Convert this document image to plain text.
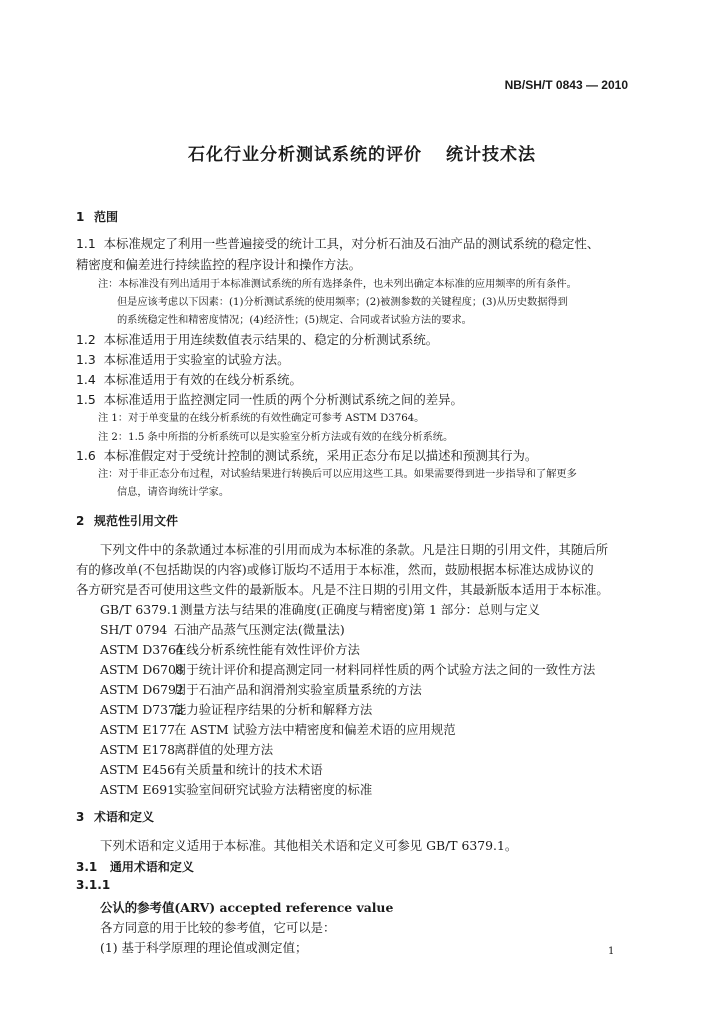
NB/SH/T 0843 — 2010
石化行业分析测试系统的评价 统计技术法
1 范围
1.1 本标准规定了利用一些普遍接受的统计工具，对分析石油及石油产品的测试系统的稳定性、
精密度和偏差进行持续监控的程序设计和操作方法。
注：本标准没有列出适用于本标准测试系统的所有选择条件，也未列出确定本标准的应用频率的所有条件。
但是应该考虑以下因素：(1)分析测试系统的使用频率；(2)被测参数的关键程度；(3)从历史数据得到
的系统稳定性和精密度情况；(4)经济性；(5)规定、合同或者试验方法的要求。
1.2 本标准适用于用连续数值表示结果的、稳定的分析测试系统。
1.3 本标准适用于实验室的试验方法。
1.4 本标准适用于有效的在线分析系统。
1.5 本标准适用于监控测定同一性质的两个分析测试系统之间的差异。
注 1：对于单变量的在线分析系统的有效性确定可参考 ASTM D3764。
注 2：1.5 条中所指的分析系统可以是实验室分析方法或有效的在线分析系统。
1.6 本标准假定对于受统计控制的测试系统，采用正态分布足以描述和预测其行为。
注：对于非正态分布过程，对试验结果进行转换后可以应用这些工具。如果需要得到进一步指导和了解更多
信息，请咨询统计学家。
2 规范性引用文件
下列文件中的条款通过本标准的引用而成为本标准的条款。凡是注日期的引用文件，其随后所
有的修改单(不包括勘误的内容)或修订版均不适用于本标准，然而，鼓励根据本标准达成协议的
各方研究是否可使用这些文件的最新版本。凡是不注日期的引用文件，其最新版本适用于本标准。
GB/T 6379.1测量方法与结果的准确度(正确度与精密度)第 1 部分：总则与定义
SH/T 0794 石油产品蒸气压测定法(微量法)
ASTM D3764在线分析系统性能有效性评价方法
ASTM D6708用于统计评价和提高测定同一材料同样性质的两个试验方法之间的一致性方法
ASTM D6792用于石油产品和润滑剂实验室质量系统的方法
ASTM D7372能力验证程序结果的分析和解释方法
ASTM E177在 ASTM 试验方法中精密度和偏差术语的应用规范
ASTM E178离群值的处理方法
ASTM E456有关质量和统计的技术术语
ASTM E691实验室间研究试验方法精密度的标准
3 术语和定义
下列术语和定义适用于本标准。其他相关术语和定义可参见 GB/T 6379.1。
3.1 通用术语和定义
3.1.1
公认的参考值(ARV) accepted reference value
各方同意的用于比较的参考值，它可以是：
(1) 基于科学原理的理论值或测定值；	1
